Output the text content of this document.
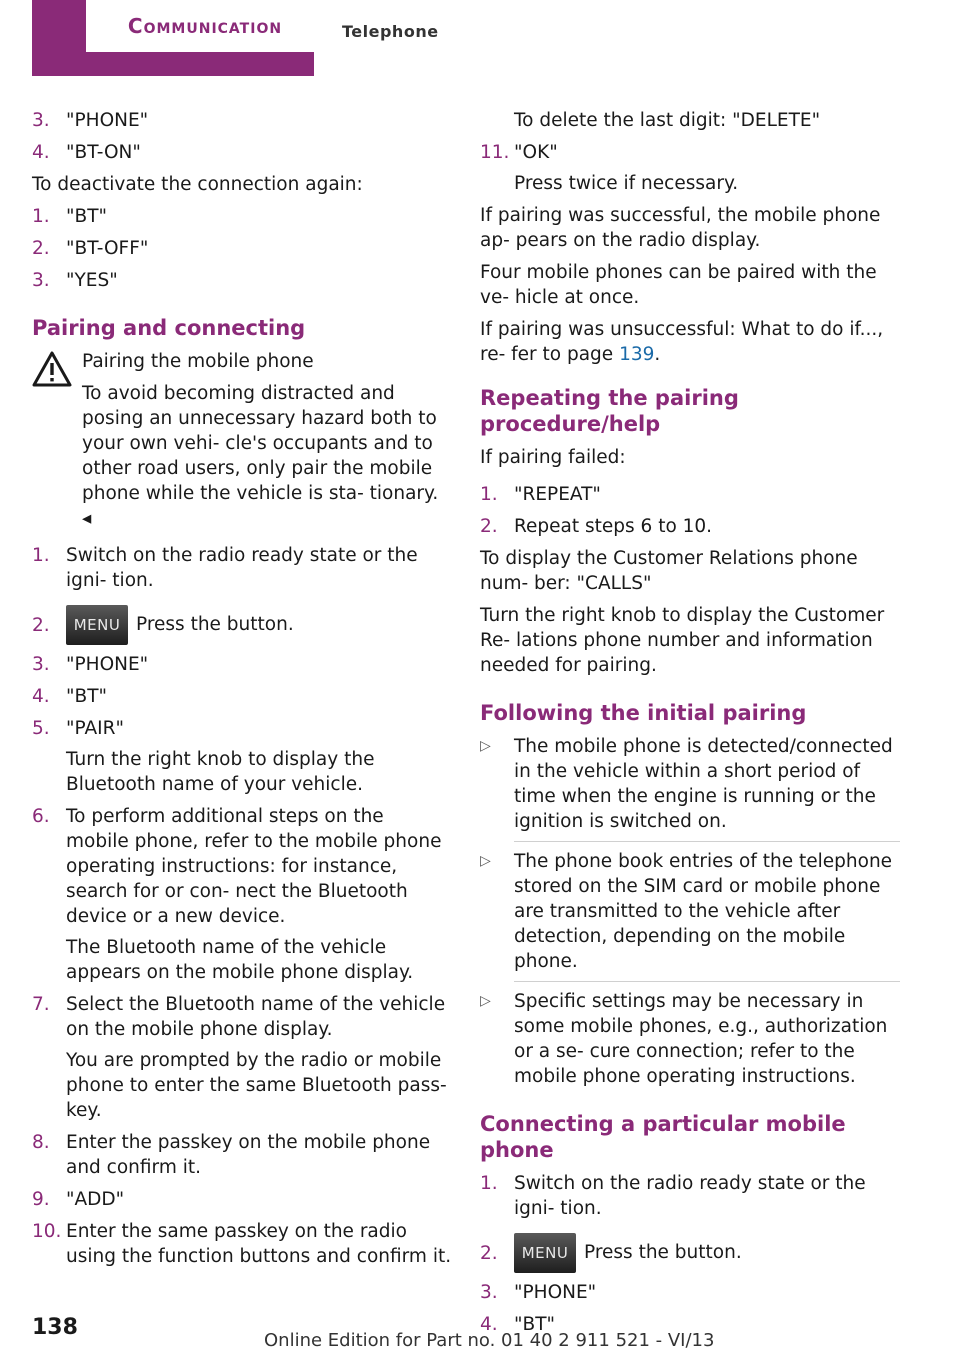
Communication	Telephone
3. "PHONE"
4. "BT-ON"
To deactivate the connection again:
1. "BT"
2. "BT-OFF"
3. "YES"
Pairing and connecting
Pairing the mobile phone
To avoid becoming distracted and posing an unnecessary hazard both to your own vehi‐ cle's occupants and to other road users, only pair the mobile phone while the vehicle is sta‐ tionary. ◂
1. Switch on the radio ready state or the igni‐ tion.
2. MENU Press the button.
3. "PHONE"
4. "BT"
5. "PAIR"
Turn the right knob to display the Bluetooth name of your vehicle.
6. To perform additional steps on the mobile phone, refer to the mobile phone operating instructions: for instance, search for or con‐ nect the Bluetooth device or a new device.
The Bluetooth name of the vehicle appears on the mobile phone display.
7. Select the Bluetooth name of the vehicle on the mobile phone display.
You are prompted by the radio or mobile phone to enter the same Bluetooth pass‐ key.
8. Enter the passkey on the mobile phone and confirm it.
9. "ADD"
10. Enter the same passkey on the radio using the function buttons and confirm it.
To delete the last digit: "DELETE"
11. "OK"
Press twice if necessary.
If pairing was successful, the mobile phone ap‐ pears on the radio display.
Four mobile phones can be paired with the ve‐ hicle at once.
If pairing was unsuccessful: What to do if..., re‐ fer to page 139.
Repeating the pairing procedure/help
If pairing failed:
1. "REPEAT"
2. Repeat steps 6 to 10.
To display the Customer Relations phone num‐ ber: "CALLS"
Turn the right knob to display the Customer Re‐ lations phone number and information needed for pairing.
Following the initial pairing
▷ The mobile phone is detected/connected in the vehicle within a short period of time when the engine is running or the ignition is switched on.
▷ The phone book entries of the telephone stored on the SIM card or mobile phone are transmitted to the vehicle after detection, depending on the mobile phone.
▷ Specific settings may be necessary in some mobile phones, e.g., authorization or a se‐ cure connection; refer to the mobile phone operating instructions.
Connecting a particular mobile phone
1. Switch on the radio ready state or the igni‐ tion.
2. MENU Press the button.
3. "PHONE"
4. "BT"
138
Online Edition for Part no. 01 40 2 911 521 - VI/13
